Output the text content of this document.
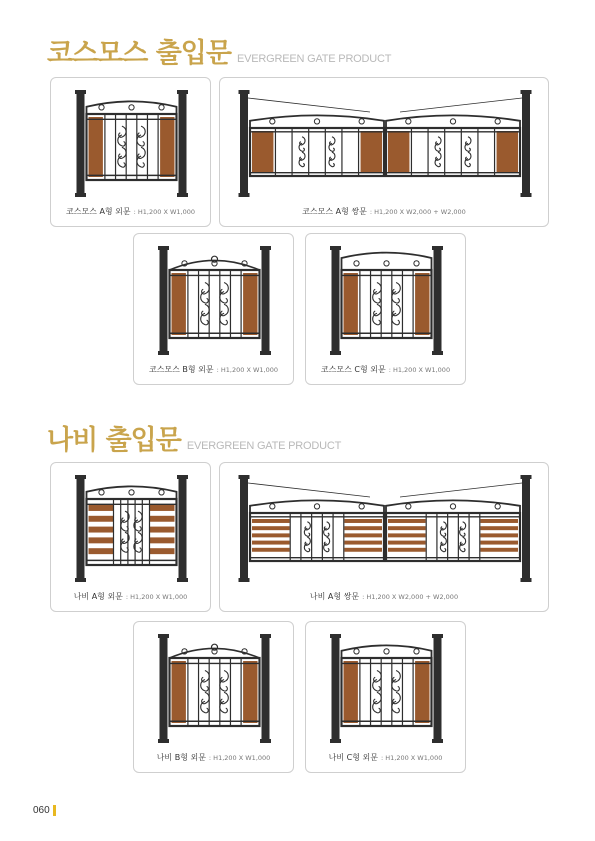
코스모스 출입문 EVERGREEN GATE PRODUCT
코스모스 A형 외문 : H1,200 X W1,000	코스모스 A형 쌍문 : H1,200 X W2,000 + W2,000
코스모스 B형 외문 : H1,200 X W1,000	코스모스 C형 외문 : H1,200 X W1,000
나비 출입문 EVERGREEN GATE PRODUCT
나비 A형 외문 : H1,200 X W1,000	나비 A형 쌍문 : H1,200 X W2,000 + W2,000
나비 B형 외문 : H1,200 X W1,000	나비 C형 외문 : H1,200 X W1,000
060
